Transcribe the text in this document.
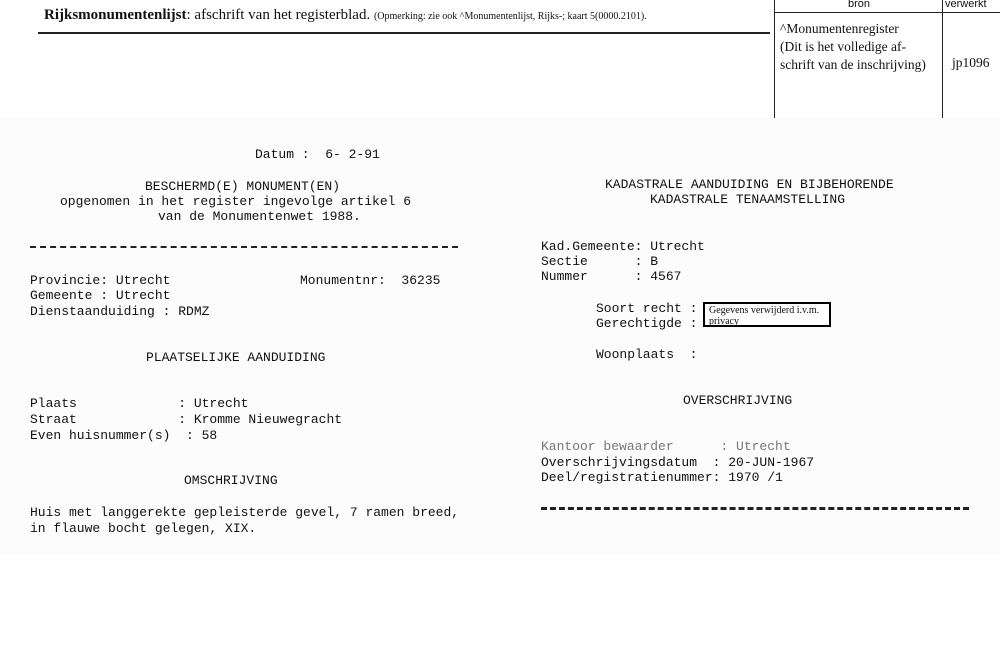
Rijksmonumentenlijst: afschrift van het registerblad. (Opmerking: zie ook ^Monumentenlijst, Rijks-; kaart 5(0000.2101).
bron	verwerkt
^Monumentenregister
(Dit is het volledige af-
schrift van de inschrijving) jp1096
Datum :  6- 2-91
BESCHERMD(E) MONUMENT(EN)
opgenomen in het register ingevolge artikel 6
van de Monumentenwet 1988.
Provincie: Utrecht	Monumentnr:  36235
Gemeente : Utrecht
Dienstaanduiding : RDMZ
PLAATSELIJKE AANDUIDING
Plaats             : Utrecht
Straat             : Kromme Nieuwegracht
Even huisnummer(s)  : 58
OMSCHRIJVING
Huis met langgerekte gepleisterde gevel, 7 ramen breed,
in flauwe bocht gelegen, XIX.
KADASTRALE AANDUIDING EN BIJBEHORENDE
KADASTRALE TENAAMSTELLING
Kad.Gemeente: Utrecht
Sectie      : B
Nummer      : 4567
Soort recht :
Gerechtigde :
Gegevens verwijderd i.v.m. privacy
Woonplaats  :
OVERSCHRIJVING
Kantoor bewaarder      : Utrecht
Overschrijvingsdatum  : 20-JUN-1967
Deel/registratienummer: 1970 /1
